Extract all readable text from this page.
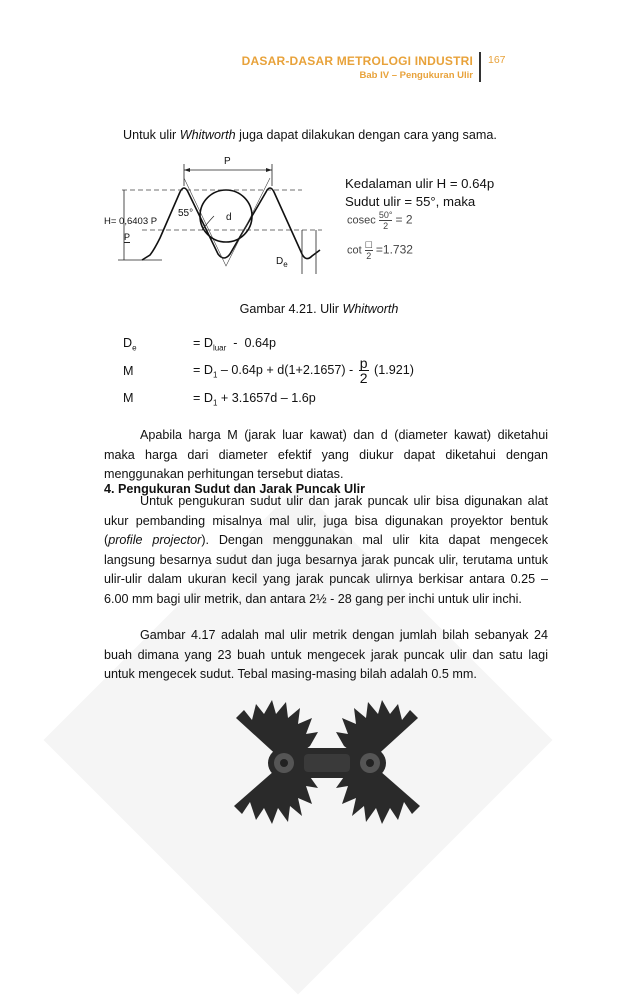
DASAR-DASAR METROLOGI INDUSTRI
Bab IV – Pengukuran Ulir
167
Untuk ulir Whitworth juga dapat dilakukan dengan cara yang sama.
P
H= 0,6403 P
P
55°	d
$D_e$
Kedalaman ulir H = 0.64p
Sudut ulir = 55°, maka
cosec $\frac{50^\circ}{2} = 2$
$\cot \frac{☐}{2} =1.732$
Gambar 4.21. Ulir Whitworth
$D_e$	= $D_{luar} - 0.64p$
M	= $D_1 - 0.64p + d(1+2.1657) - \frac{p}{2} (1.921)$
M	= $D_1 + 3.1657d - 1.6p$
Apabila harga M (jarak luar kawat) dan d (diameter kawat) diketahui maka harga dari diameter efektif yang diukur dapat diketahui dengan menggunakan perhitungan tersebut diatas.
4. Pengukuran Sudut dan Jarak Puncak Ulir
Untuk pengukuran sudut ulir dan jarak puncak ulir bisa digunakan alat ukur pembanding misalnya mal ulir, juga bisa digunakan proyektor bentuk (profile projector). Dengan menggunakan mal ulir kita dapat mengecek langsung besarnya sudut dan juga besarnya jarak puncak ulir, terutama untuk ulir-ulir dalam ukuran kecil yang jarak puncak ulirnya berkisar antara 0.25 – 6.00 mm bagi ulir metrik, dan antara 2½ - 28 gang per inchi untuk ulir inchi.
Gambar 4.17 adalah mal ulir metrik dengan jumlah bilah sebanyak 24 buah dimana yang 23 buah untuk mengecek jarak puncak ulir dan satu lagi untuk mengecek sudut. Tebal masing-masing bilah adalah 0.5 mm.
